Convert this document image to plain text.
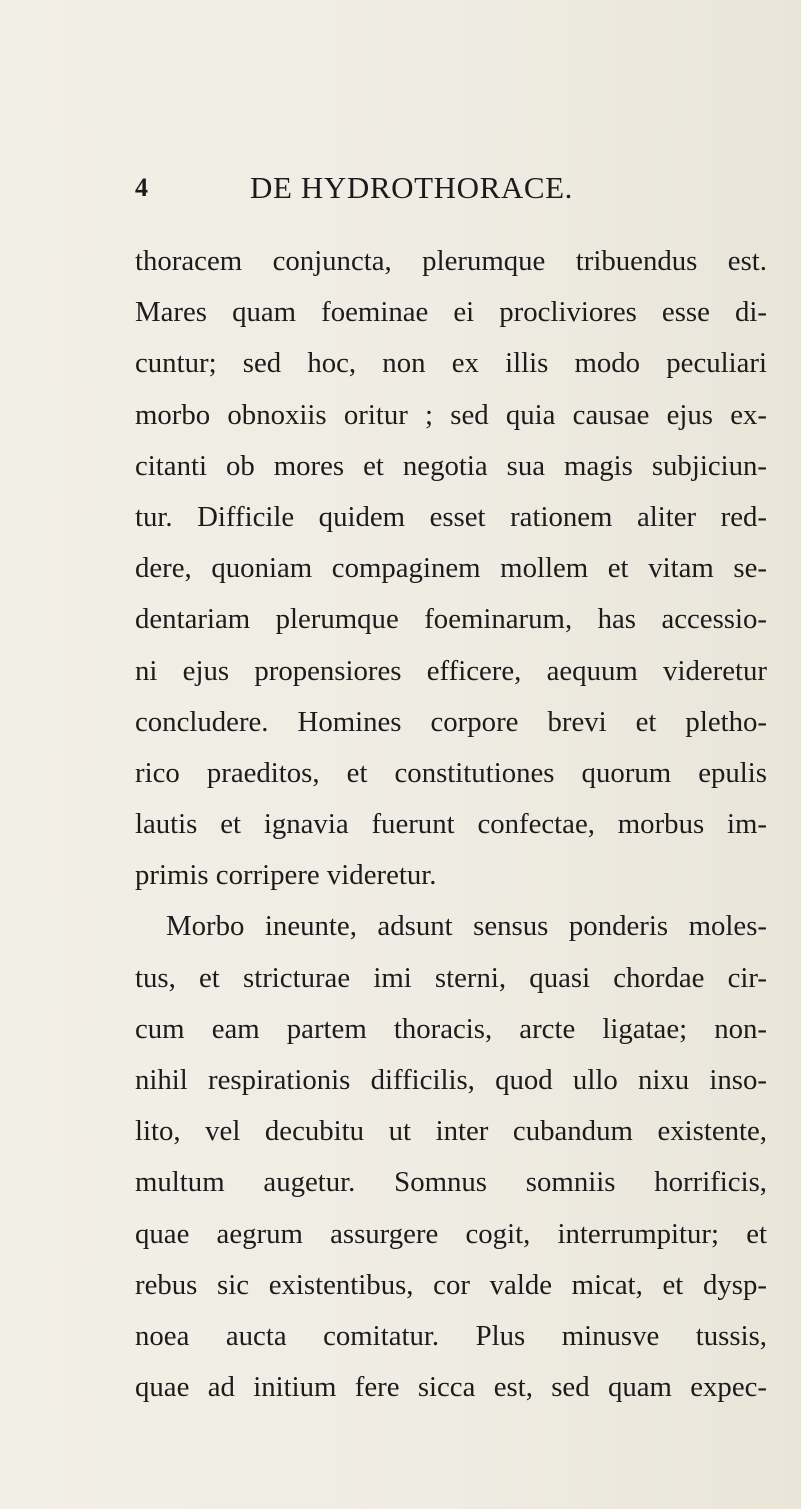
4	DE HYDROTHORACE.
thoracem conjuncta, plerumque tribuendus est.
Mares quam foeminae ei procliviores esse di-
cuntur; sed hoc, non ex illis modo peculiari
morbo obnoxiis oritur ; sed quia causae ejus ex-
citanti ob mores et negotia sua magis subjiciun-
tur. Difficile quidem esset rationem aliter red-
dere, quoniam compaginem mollem et vitam se-
dentariam plerumque foeminarum, has accessio-
ni ejus propensiores efficere, aequum videretur
concludere. Homines corpore brevi et pletho-
rico praeditos, et constitutiones quorum epulis
lautis et ignavia fuerunt confectae, morbus im-
primis corripere videretur.
Morbo ineunte, adsunt sensus ponderis moles-
tus, et stricturae imi sterni, quasi chordae cir-
cum eam partem thoracis, arcte ligatae; non-
nihil respirationis difficilis, quod ullo nixu inso-
lito, vel decubitu ut inter cubandum existente,
multum augetur. Somnus somniis horrificis,
quae aegrum assurgere cogit, interrumpitur; et
rebus sic existentibus, cor valde micat, et dysp-
noea aucta comitatur. Plus minusve tussis,
quae ad initium fere sicca est, sed quam expec-
